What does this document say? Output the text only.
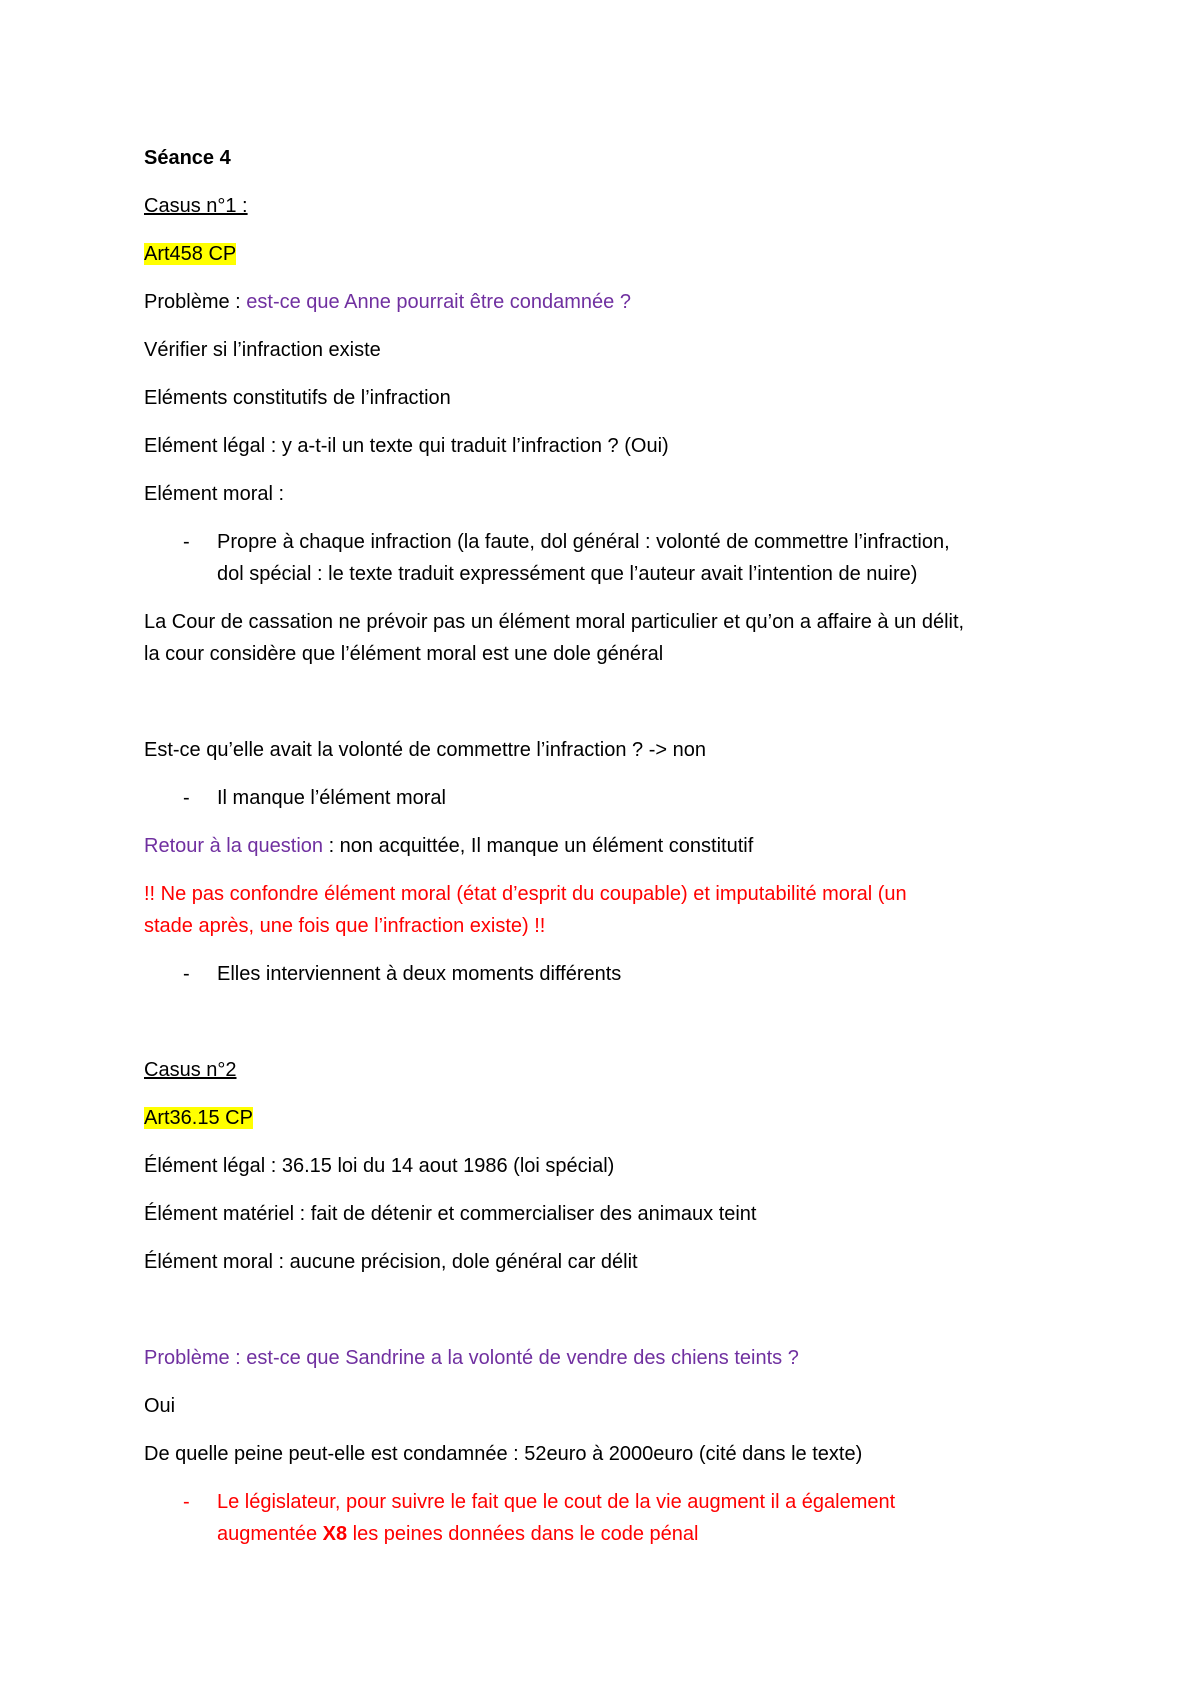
Séance 4
Casus n°1 :
Art458 CP
Problème : est-ce que Anne pourrait être condamnée ?
Vérifier si l’infraction existe
Eléments constitutifs de l’infraction
Elément légal : y a-t-il un texte qui traduit l’infraction ? (Oui)
Elément moral :
- Propre à chaque infraction (la faute, dol général : volonté de commettre l’infraction,
dol spécial : le texte traduit expressément que l’auteur avait l’intention de nuire)
La Cour de cassation ne prévoir pas un élément moral particulier et qu’on a affaire à un délit,
la cour considère que l’élément moral est une dole général
Est-ce qu’elle avait la volonté de commettre l’infraction ? -> non
- Il manque l’élément moral
Retour à la question : non acquittée, Il manque un élément constitutif
!! Ne pas confondre élément moral (état d’esprit du coupable) et imputabilité moral (un
stade après, une fois que l’infraction existe) !!
- Elles interviennent à deux moments différents
Casus n°2
Art36.15 CP
Élément légal : 36.15 loi du 14 aout 1986 (loi spécial)
Élément matériel : fait de détenir et commercialiser des animaux teint
Élément moral : aucune précision, dole général car délit
Problème : est-ce que Sandrine a la volonté de vendre des chiens teints ?
Oui
De quelle peine peut-elle est condamnée : 52euro à 2000euro (cité dans le texte)
- Le législateur, pour suivre le fait que le cout de la vie augment il a également
augmentée X8 les peines données dans le code pénal
